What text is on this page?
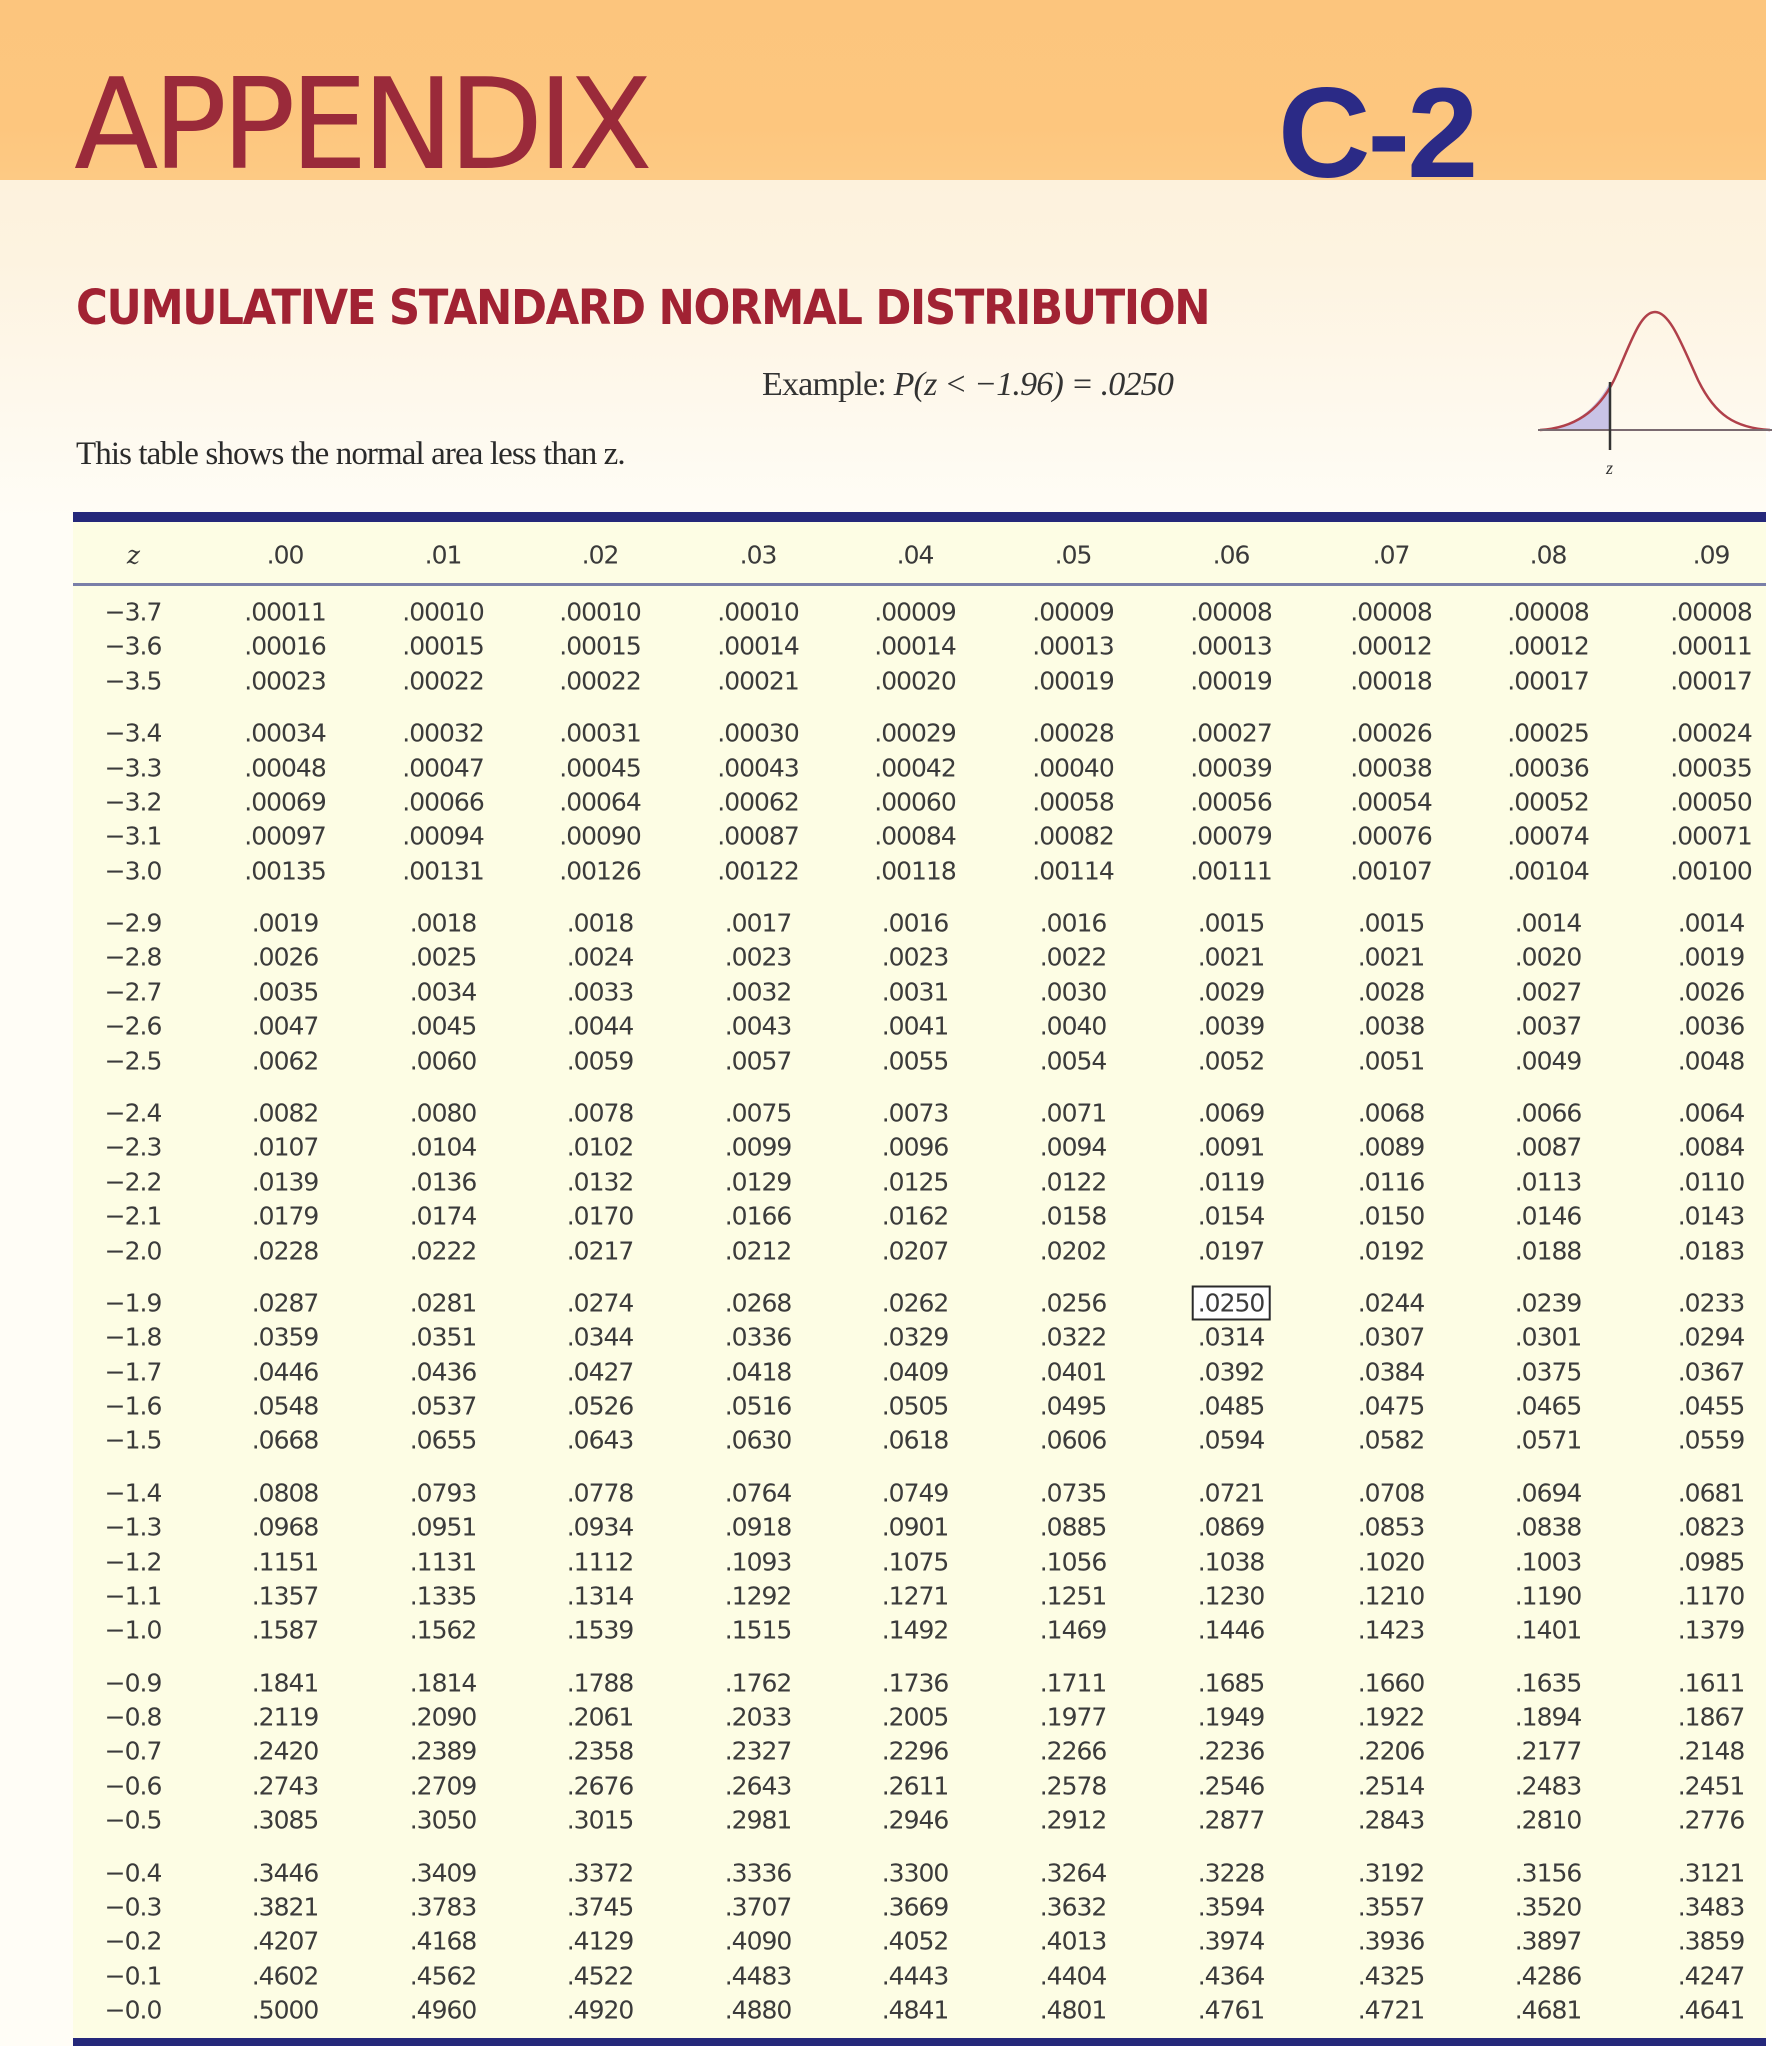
APPENDIX	C-2
CUMULATIVE STANDARD NORMAL DISTRIBUTION
Example: P(z < −1.96) = .0250
This table shows the normal area less than z.	z
z	.00	.01	.02	.03	.04	.05	.06	.07	.08	.09
−3.7	.00011	.00010	.00010	.00010	.00009	.00009	.00008	.00008	.00008	.00008
−3.6	.00016	.00015	.00015	.00014	.00014	.00013	.00013	.00012	.00012	.00011
−3.5	.00023	.00022	.00022	.00021	.00020	.00019	.00019	.00018	.00017	.00017
−3.4	.00034	.00032	.00031	.00030	.00029	.00028	.00027	.00026	.00025	.00024
−3.3	.00048	.00047	.00045	.00043	.00042	.00040	.00039	.00038	.00036	.00035
−3.2	.00069	.00066	.00064	.00062	.00060	.00058	.00056	.00054	.00052	.00050
−3.1	.00097	.00094	.00090	.00087	.00084	.00082	.00079	.00076	.00074	.00071
−3.0	.00135	.00131	.00126	.00122	.00118	.00114	.00111	.00107	.00104	.00100
−2.9	.0019	.0018	.0018	.0017	.0016	.0016	.0015	.0015	.0014	.0014
−2.8	.0026	.0025	.0024	.0023	.0023	.0022	.0021	.0021	.0020	.0019
−2.7	.0035	.0034	.0033	.0032	.0031	.0030	.0029	.0028	.0027	.0026
−2.6	.0047	.0045	.0044	.0043	.0041	.0040	.0039	.0038	.0037	.0036
−2.5	.0062	.0060	.0059	.0057	.0055	.0054	.0052	.0051	.0049	.0048
−2.4	.0082	.0080	.0078	.0075	.0073	.0071	.0069	.0068	.0066	.0064
−2.3	.0107	.0104	.0102	.0099	.0096	.0094	.0091	.0089	.0087	.0084
−2.2	.0139	.0136	.0132	.0129	.0125	.0122	.0119	.0116	.0113	.0110
−2.1	.0179	.0174	.0170	.0166	.0162	.0158	.0154	.0150	.0146	.0143
−2.0	.0228	.0222	.0217	.0212	.0207	.0202	.0197	.0192	.0188	.0183
−1.9	.0287	.0281	.0274	.0268	.0262	.0256	.0250	.0244	.0239	.0233
−1.8	.0359	.0351	.0344	.0336	.0329	.0322	.0314	.0307	.0301	.0294
−1.7	.0446	.0436	.0427	.0418	.0409	.0401	.0392	.0384	.0375	.0367
−1.6	.0548	.0537	.0526	.0516	.0505	.0495	.0485	.0475	.0465	.0455
−1.5	.0668	.0655	.0643	.0630	.0618	.0606	.0594	.0582	.0571	.0559
−1.4	.0808	.0793	.0778	.0764	.0749	.0735	.0721	.0708	.0694	.0681
−1.3	.0968	.0951	.0934	.0918	.0901	.0885	.0869	.0853	.0838	.0823
−1.2	.1151	.1131	.1112	.1093	.1075	.1056	.1038	.1020	.1003	.0985
−1.1	.1357	.1335	.1314	.1292	.1271	.1251	.1230	.1210	.1190	.1170
−1.0	.1587	.1562	.1539	.1515	.1492	.1469	.1446	.1423	.1401	.1379
−0.9	.1841	.1814	.1788	.1762	.1736	.1711	.1685	.1660	.1635	.1611
−0.8	.2119	.2090	.2061	.2033	.2005	.1977	.1949	.1922	.1894	.1867
−0.7	.2420	.2389	.2358	.2327	.2296	.2266	.2236	.2206	.2177	.2148
−0.6	.2743	.2709	.2676	.2643	.2611	.2578	.2546	.2514	.2483	.2451
−0.5	.3085	.3050	.3015	.2981	.2946	.2912	.2877	.2843	.2810	.2776
−0.4	.3446	.3409	.3372	.3336	.3300	.3264	.3228	.3192	.3156	.3121
−0.3	.3821	.3783	.3745	.3707	.3669	.3632	.3594	.3557	.3520	.3483
−0.2	.4207	.4168	.4129	.4090	.4052	.4013	.3974	.3936	.3897	.3859
−0.1	.4602	.4562	.4522	.4483	.4443	.4404	.4364	.4325	.4286	.4247
−0.0	.5000	.4960	.4920	.4880	.4841	.4801	.4761	.4721	.4681	.4641
